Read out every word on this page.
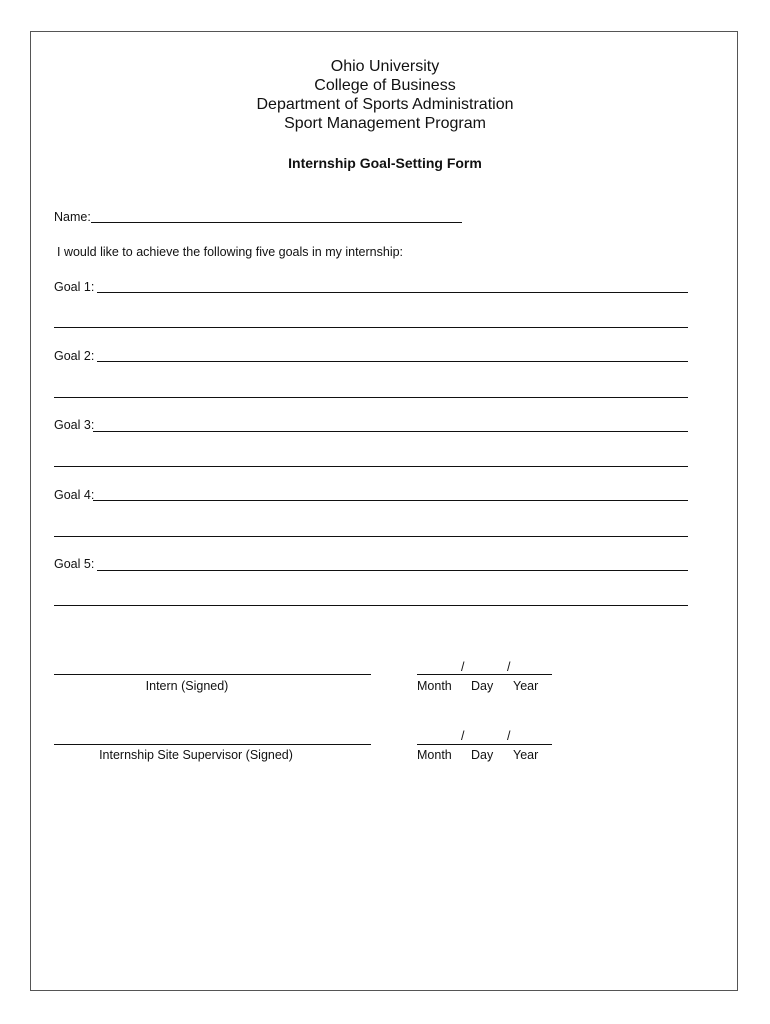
Ohio University
College of Business
Department of Sports Administration
Sport Management Program
Internship Goal-Setting Form
Name:
I would like to achieve the following five goals in my internship:
Goal 1:
Goal 2:
Goal 3:
Goal 4:
Goal 5:
Intern (Signed)
/	/
Month Day Year
Internship Site Supervisor (Signed)
/	/
Month Day Year
